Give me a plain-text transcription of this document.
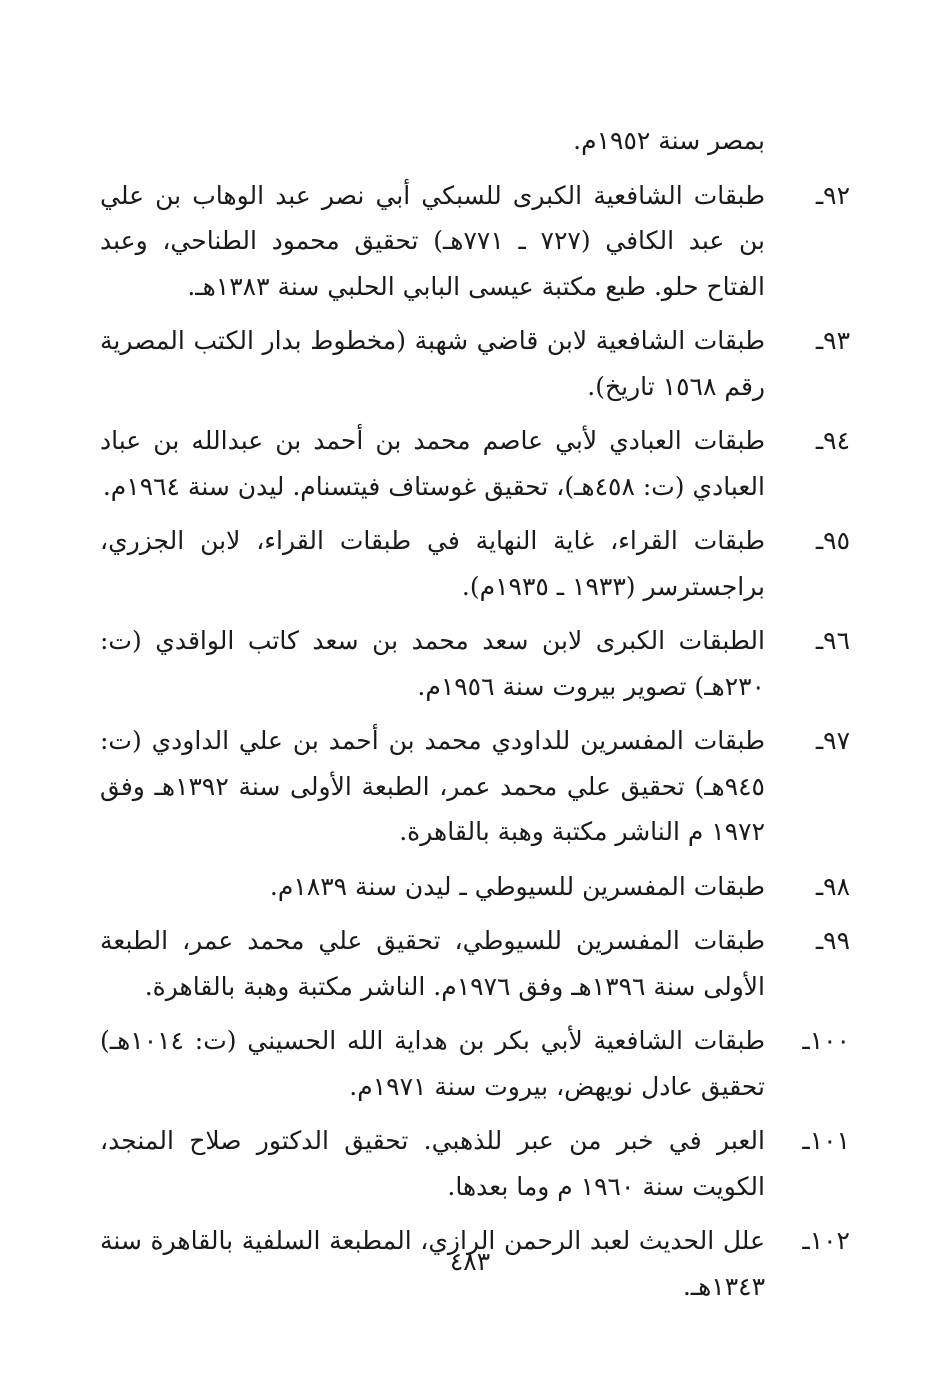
بمصر سنة ١٩٥٢م.
٩٢ـ
طبقات الشافعية الكبرى للسبكي أبي نصر عبد الوهاب بن علي بن عبد الكافي (٧٢٧ ـ ٧٧١هـ) تحقيق محمود الطناحي، وعبد الفتاح حلو. طبع مكتبة عيسى البابي الحلبي سنة ١٣٨٣هـ.
٩٣ـ
طبقات الشافعية لابن قاضي شهبة (مخطوط بدار الكتب المصرية رقم ١٥٦٨ تاريخ).
٩٤ـ
طبقات العبادي لأبي عاصم محمد بن أحمد بن عبدالله بن عباد العبادي (ت: ٤٥٨هـ)، تحقيق غوستاف فيتسنام. ليدن سنة ١٩٦٤م.
٩٥ـ
طبقات القراء، غاية النهاية في طبقات القراء، لابن الجزري، براجسترسر (١٩٣٣ ـ ١٩٣٥م).
٩٦ـ
الطبقات الكبرى لابن سعد محمد بن سعد كاتب الواقدي (ت: ٢٣٠هـ) تصوير بيروت سنة ١٩٥٦م.
٩٧ـ
طبقات المفسرين للداودي محمد بن أحمد بن علي الداودي (ت: ٩٤٥هـ) تحقيق علي محمد عمر، الطبعة الأولى سنة ١٣٩٢هـ وفق ١٩٧٢ م الناشر مكتبة وهبة بالقاهرة.
٩٨ـ
طبقات المفسرين للسيوطي ـ ليدن سنة ١٨٣٩م.
٩٩ـ
طبقات المفسرين للسيوطي، تحقيق علي محمد عمر، الطبعة الأولى سنة ١٣٩٦هـ وفق ١٩٧٦م. الناشر مكتبة وهبة بالقاهرة.
١٠٠ـ
طبقات الشافعية لأبي بكر بن هداية الله الحسيني (ت: ١٠١٤هـ) تحقيق عادل نويهض، بيروت سنة ١٩٧١م.
١٠١ـ
العبر في خبر من عبر للذهبي. تحقيق الدكتور صلاح المنجد، الكويت سنة ١٩٦٠ م وما بعدها.
١٠٢ـ
علل الحديث لعبد الرحمن الرازي، المطبعة السلفية بالقاهرة سنة ١٣٤٣هـ.
٤٨٣
